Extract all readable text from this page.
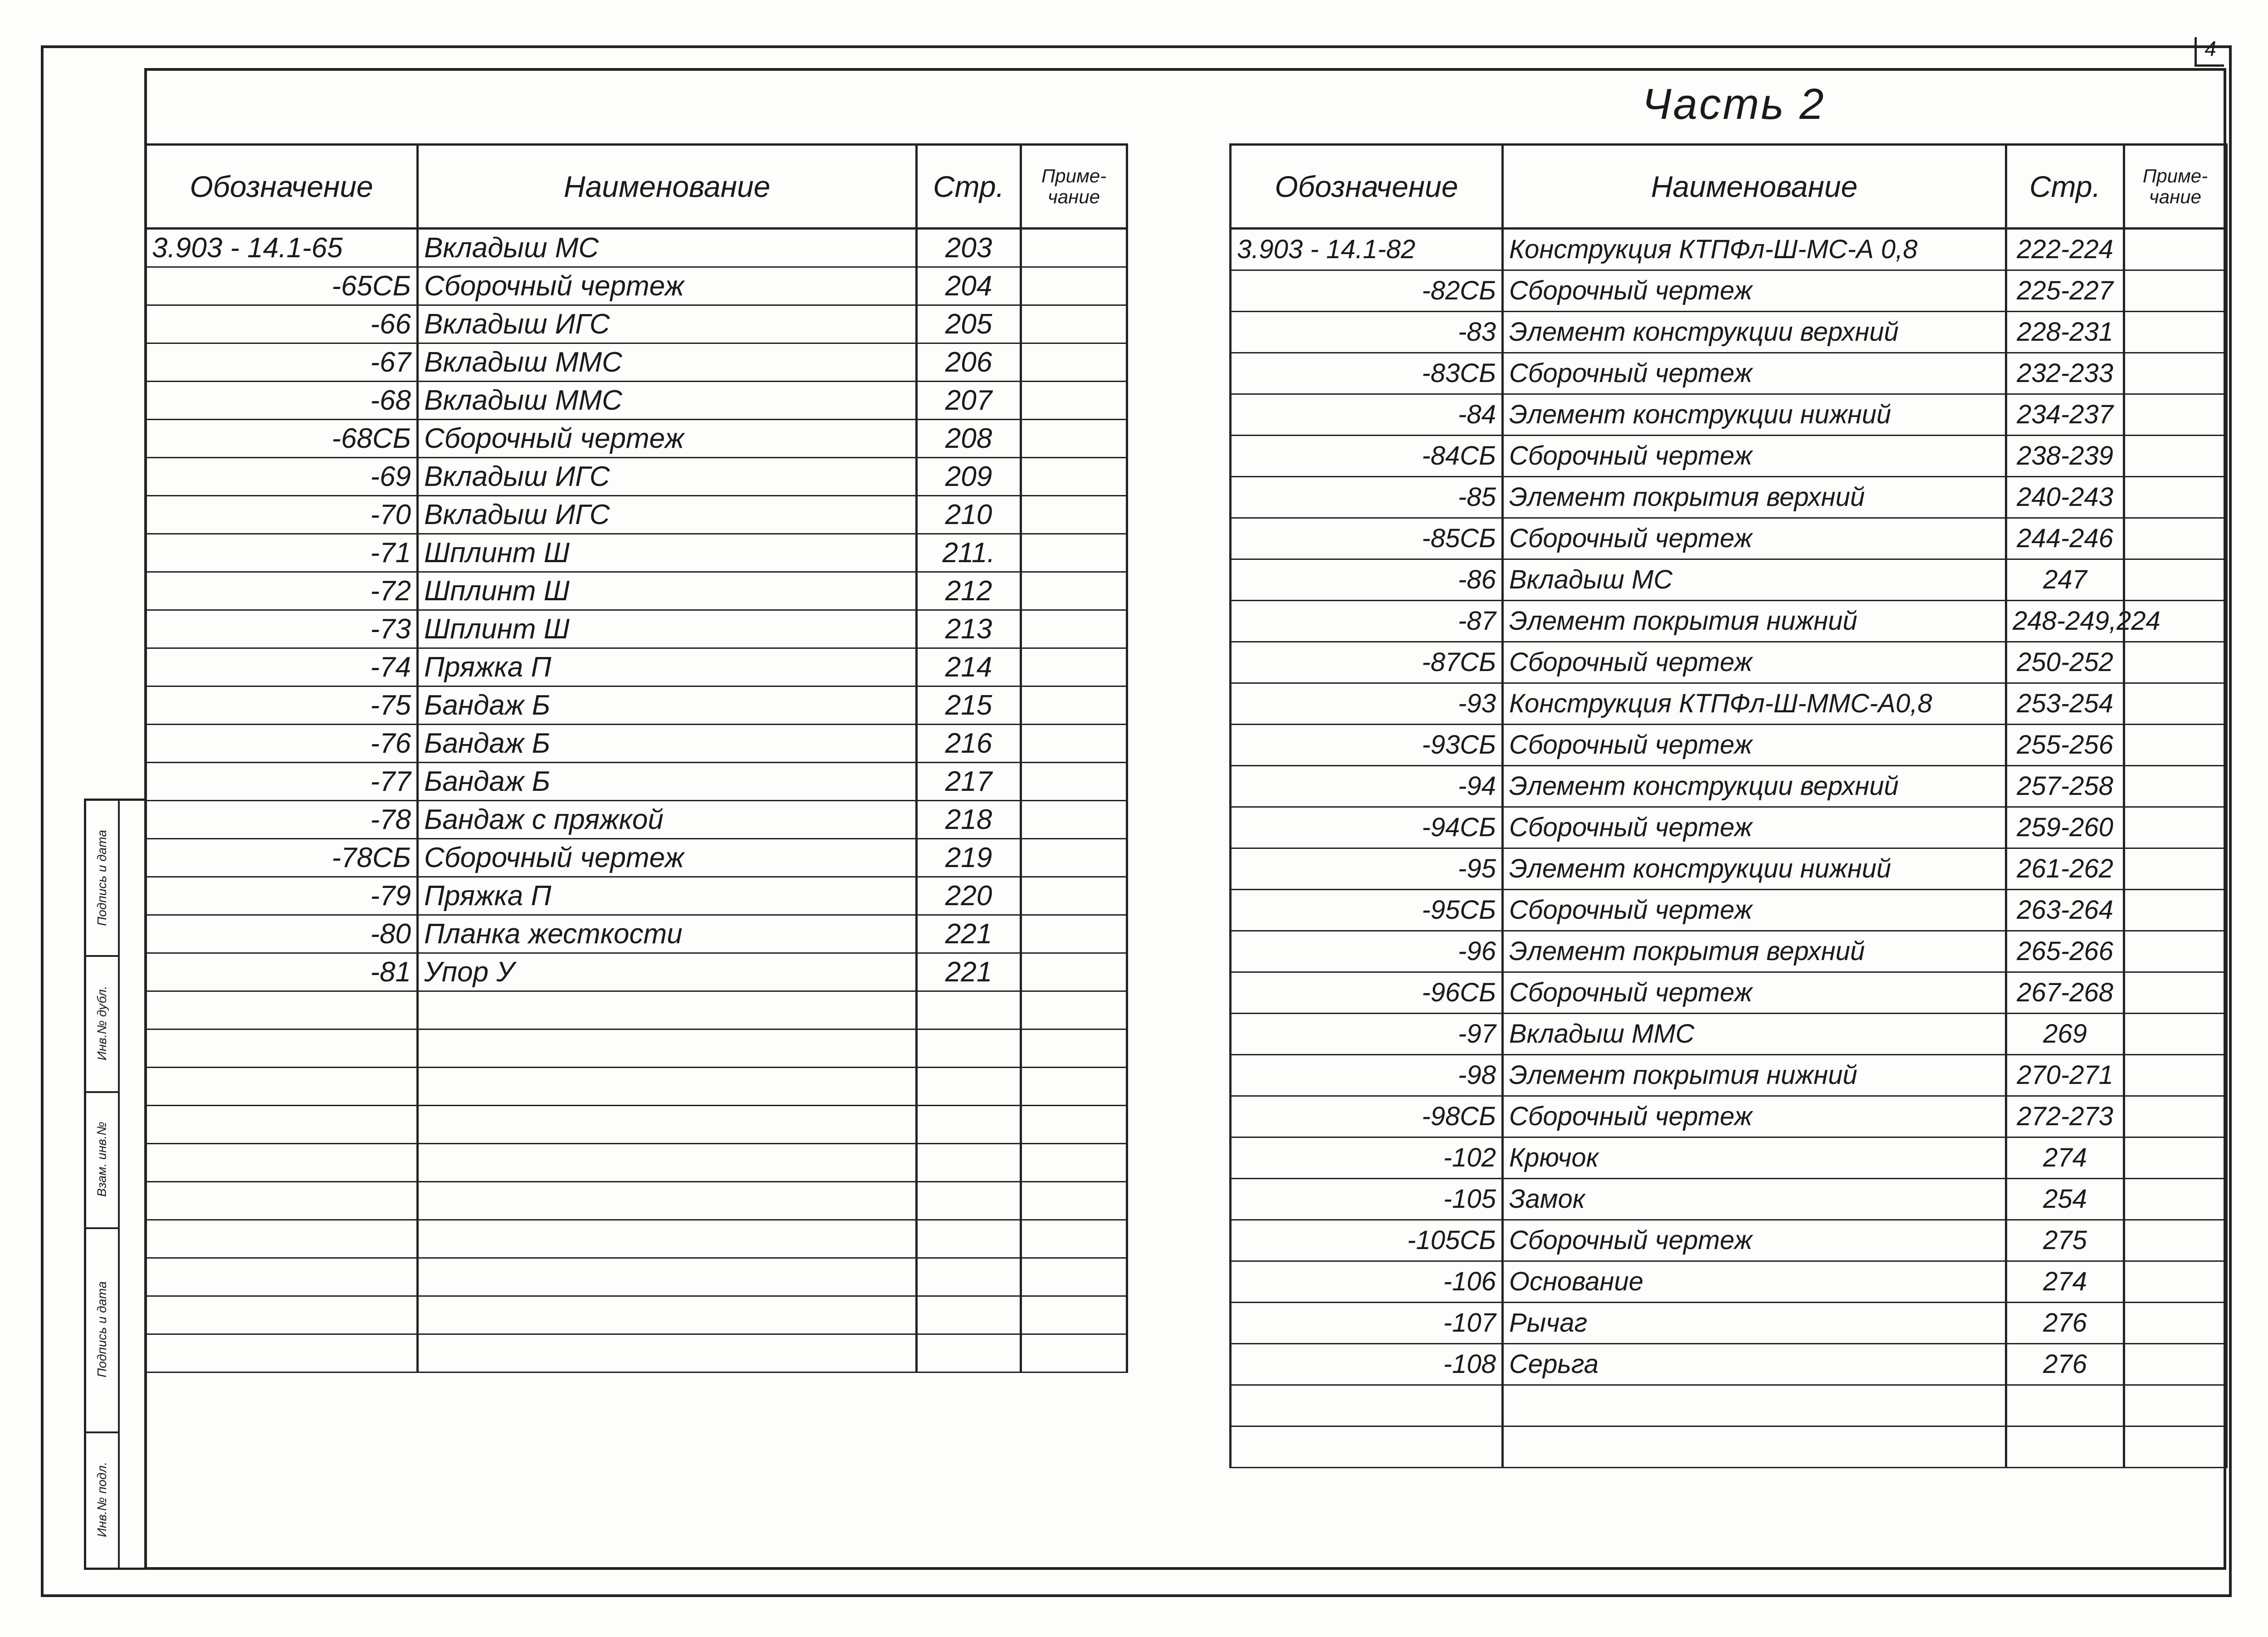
4
Часть 2
Подпись и дата
Инв.№ дубл.
Взам. инв.№
Подпись и дата
Инв.№ подл.
Обозначение	Наименование	Стр.	Приме-чание
3.903 - 14.1-65	Вкладыш МС	203	
-65СБ	Сборочный чертеж	204	
-66	Вкладыш ИГС	205	
-67	Вкладыш ММС	206	
-68	Вкладыш ММС	207	
-68СБ	Сборочный чертеж	208	
-69	Вкладыш ИГС	209	
-70	Вкладыш ИГС	210	
-71	Шплинт Ш	211.	
-72	Шплинт Ш	212	
-73	Шплинт Ш	213	
-74	Пряжка П	214	
-75	Бандаж Б	215	
-76	Бандаж Б	216	
-77	Бандаж Б	217	
-78	Бандаж с пряжкой	218	
-78СБ	Сборочный чертеж	219	
-79	Пряжка П	220	
-80	Планка жесткости	221	
-81	Упор У	221	

Обозначение	Наименование	Стр.	Приме-чание
3.903 - 14.1-82	Конструкция КТПФл-Ш-МС-А 0,8	222-224	
-82СБ	Сборочный чертеж	225-227	
-83	Элемент конструкции верхний	228-231	
-83СБ	Сборочный чертеж	232-233	
-84	Элемент конструкции нижний	234-237	
-84СБ	Сборочный чертеж	238-239	
-85	Элемент покрытия верхний	240-243	
-85СБ	Сборочный чертеж	244-246	
-86	Вкладыш МС	247	
-87	Элемент покрытия нижний	248-249,224	
-87СБ	Сборочный чертеж	250-252	
-93	Конструкция КТПФл-Ш-ММС-А0,8	253-254	
-93СБ	Сборочный чертеж	255-256	
-94	Элемент конструкции верхний	257-258	
-94СБ	Сборочный чертеж	259-260	
-95	Элемент конструкции нижний	261-262	
-95СБ	Сборочный чертеж	263-264	
-96	Элемент покрытия верхний	265-266	
-96СБ	Сборочный чертеж	267-268	
-97	Вкладыш ММС	269	
-98	Элемент покрытия нижний	270-271	
-98СБ	Сборочный чертеж	272-273	
-102	Крючок	274	
-105	Замок	254	
-105СБ	Сборочный чертеж	275	
-106	Основание	274	
-107	Рычаг	276	
-108	Серьга	276	
